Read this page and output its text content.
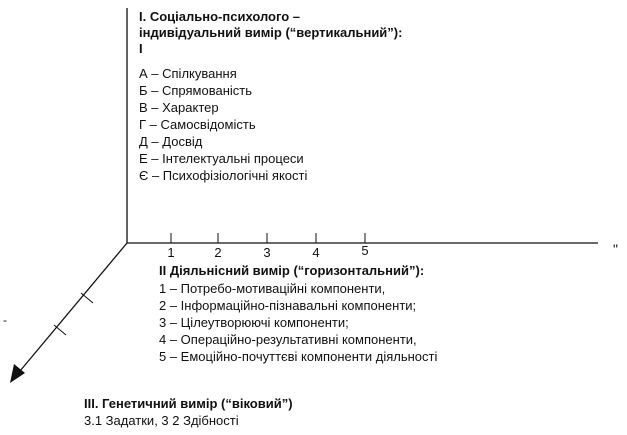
I. Соціально-психолого –
індивідуальний вимір (“вертикальний”):
I
А – Спілкування
Б – Спрямованість
В – Характер
Г – Самосвідомість
Д – Досвід
Е – Інтелектуальні процеси
Є – Психофізіологічні якості
1	2	3	4	5	"
II Діяльнісний вимір (“горизонтальний”):
1 – Потребо-мотиваційні компоненти,
2 – Інформаційно-пізнавальні компоненти;
3 – Цілеутворюючі компоненти;
4 – Операційно-результативні компоненти,
5 – Емоційно-почуттєві компоненти діяльності
-
III. Генетичний вимір (“віковий”)
3.1 Задатки, 3 2 Здібності
